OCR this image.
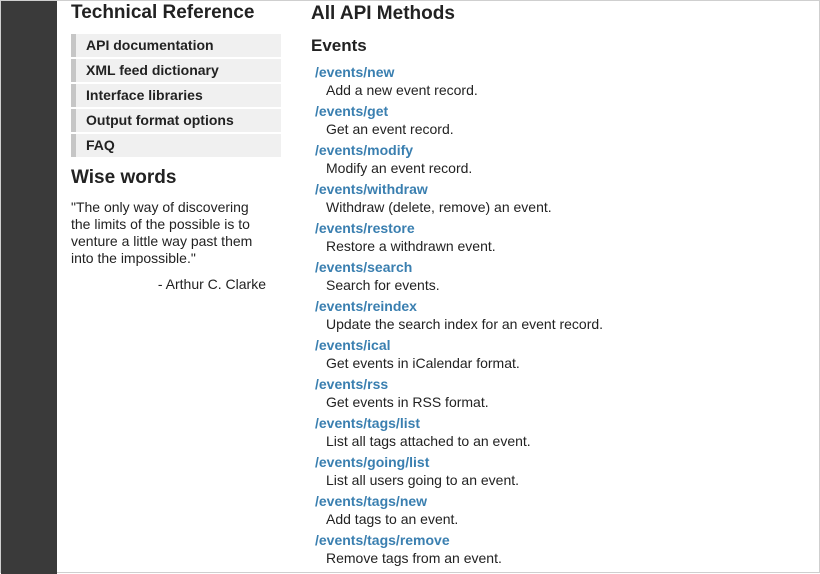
Technical Reference
API documentation
XML feed dictionary
Interface libraries
Output format options
FAQ
Wise words
"The only way of discovering the limits of the possible is to venture a little way past them into the impossible."
- Arthur C. Clarke
All API Methods
Events
/events/new
Add a new event record.
/events/get
Get an event record.
/events/modify
Modify an event record.
/events/withdraw
Withdraw (delete, remove) an event.
/events/restore
Restore a withdrawn event.
/events/search
Search for events.
/events/reindex
Update the search index for an event record.
/events/ical
Get events in iCalendar format.
/events/rss
Get events in RSS format.
/events/tags/list
List all tags attached to an event.
/events/going/list
List all users going to an event.
/events/tags/new
Add tags to an event.
/events/tags/remove
Remove tags from an event.
